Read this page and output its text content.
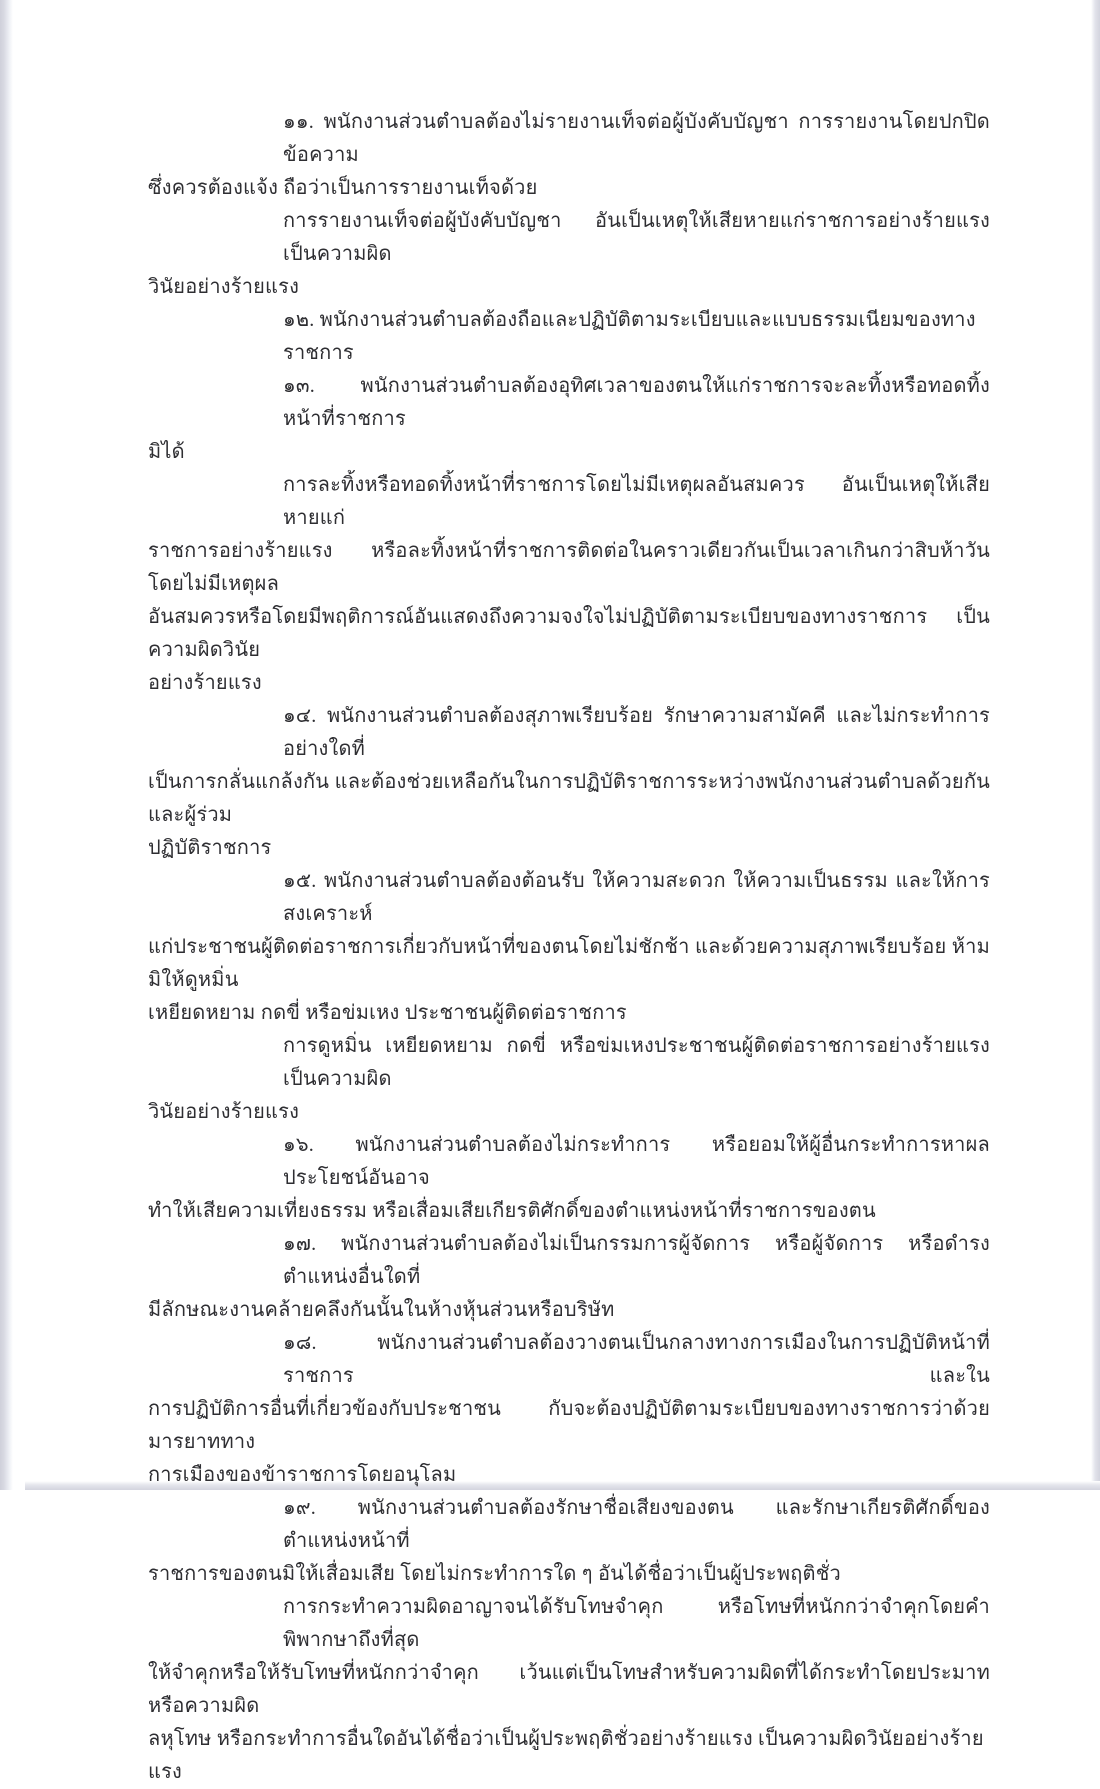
๑๑. พนักงานส่วนตำบลต้องไม่รายงานเท็จต่อผู้บังคับบัญชา การรายงานโดยปกปิดข้อความ
ซึ่งควรต้องแจ้ง ถือว่าเป็นการรายงานเท็จด้วย
การรายงานเท็จต่อผู้บังคับบัญชา อันเป็นเหตุให้เสียหายแก่ราชการอย่างร้ายแรง เป็นความผิด
วินัยอย่างร้ายแรง
๑๒. พนักงานส่วนตำบลต้องถือและปฏิบัติตามระเบียบและแบบธรรมเนียมของทางราชการ
๑๓. พนักงานส่วนตำบลต้องอุทิศเวลาของตนให้แก่ราชการจะละทิ้งหรือทอดทิ้งหน้าที่ราชการ
มิได้
การละทิ้งหรือทอดทิ้งหน้าที่ราชการโดยไม่มีเหตุผลอันสมควร อันเป็นเหตุให้เสียหายแก่
ราชการอย่างร้ายแรง หรือละทิ้งหน้าที่ราชการติดต่อในคราวเดียวกันเป็นเวลาเกินกว่าสิบห้าวันโดยไม่มีเหตุผล
อันสมควรหรือโดยมีพฤติการณ์อันแสดงถึงความจงใจไม่ปฏิบัติตามระเบียบของทางราชการ เป็นความผิดวินัย
อย่างร้ายแรง
๑๔. พนักงานส่วนตำบลต้องสุภาพเรียบร้อย รักษาความสามัคคี และไม่กระทำการอย่างใดที่
เป็นการกลั่นแกล้งกัน และต้องช่วยเหลือกันในการปฏิบัติราชการระหว่างพนักงานส่วนตำบลด้วยกันและผู้ร่วม
ปฏิบัติราชการ
๑๕. พนักงานส่วนตำบลต้องต้อนรับ ให้ความสะดวก ให้ความเป็นธรรม และให้การสงเคราะห์
แก่ประชาชนผู้ติดต่อราชการเกี่ยวกับหน้าที่ของตนโดยไม่ชักช้า และด้วยความสุภาพเรียบร้อย ห้ามมิให้ดูหมิ่น
เหยียดหยาม กดขี่ หรือข่มเหง ประชาชนผู้ติดต่อราชการ
การดูหมิ่น เหยียดหยาม กดขี่ หรือข่มเหงประชาชนผู้ติดต่อราชการอย่างร้ายแรง เป็นความผิด
วินัยอย่างร้ายแรง
๑๖. พนักงานส่วนตำบลต้องไม่กระทำการ หรือยอมให้ผู้อื่นกระทำการหาผลประโยชน์อันอาจ
ทำให้เสียความเที่ยงธรรม หรือเสื่อมเสียเกียรติศักดิ์ของตำแหน่งหน้าที่ราชการของตน
๑๗. พนักงานส่วนตำบลต้องไม่เป็นกรรมการผู้จัดการ หรือผู้จัดการ หรือดำรงตำแหน่งอื่นใดที่
มีลักษณะงานคล้ายคลึงกันนั้นในห้างหุ้นส่วนหรือบริษัท
๑๘. พนักงานส่วนตำบลต้องวางตนเป็นกลางทางการเมืองในการปฏิบัติหน้าที่ราชการ และใน
การปฏิบัติการอื่นที่เกี่ยวข้องกับประชาชน กับจะต้องปฏิบัติตามระเบียบของทางราชการว่าด้วยมารยาททาง
การเมืองของข้าราชการโดยอนุโลม
๑๙. พนักงานส่วนตำบลต้องรักษาชื่อเสียงของตน และรักษาเกียรติศักดิ์ของตำแหน่งหน้าที่
ราชการของตนมิให้เสื่อมเสีย โดยไม่กระทำการใด ๆ อันได้ชื่อว่าเป็นผู้ประพฤติชั่ว
การกระทำความผิดอาญาจนได้รับโทษจำคุก หรือโทษที่หนักกว่าจำคุกโดยคำพิพากษาถึงที่สุด
ให้จำคุกหรือให้รับโทษที่หนักกว่าจำคุก เว้นแต่เป็นโทษสำหรับความผิดที่ได้กระทำโดยประมาทหรือความผิด
ลหุโทษ หรือกระทำการอื่นใดอันได้ชื่อว่าเป็นผู้ประพฤติชั่วอย่างร้ายแรง เป็นความผิดวินัยอย่างร้ายแรง
